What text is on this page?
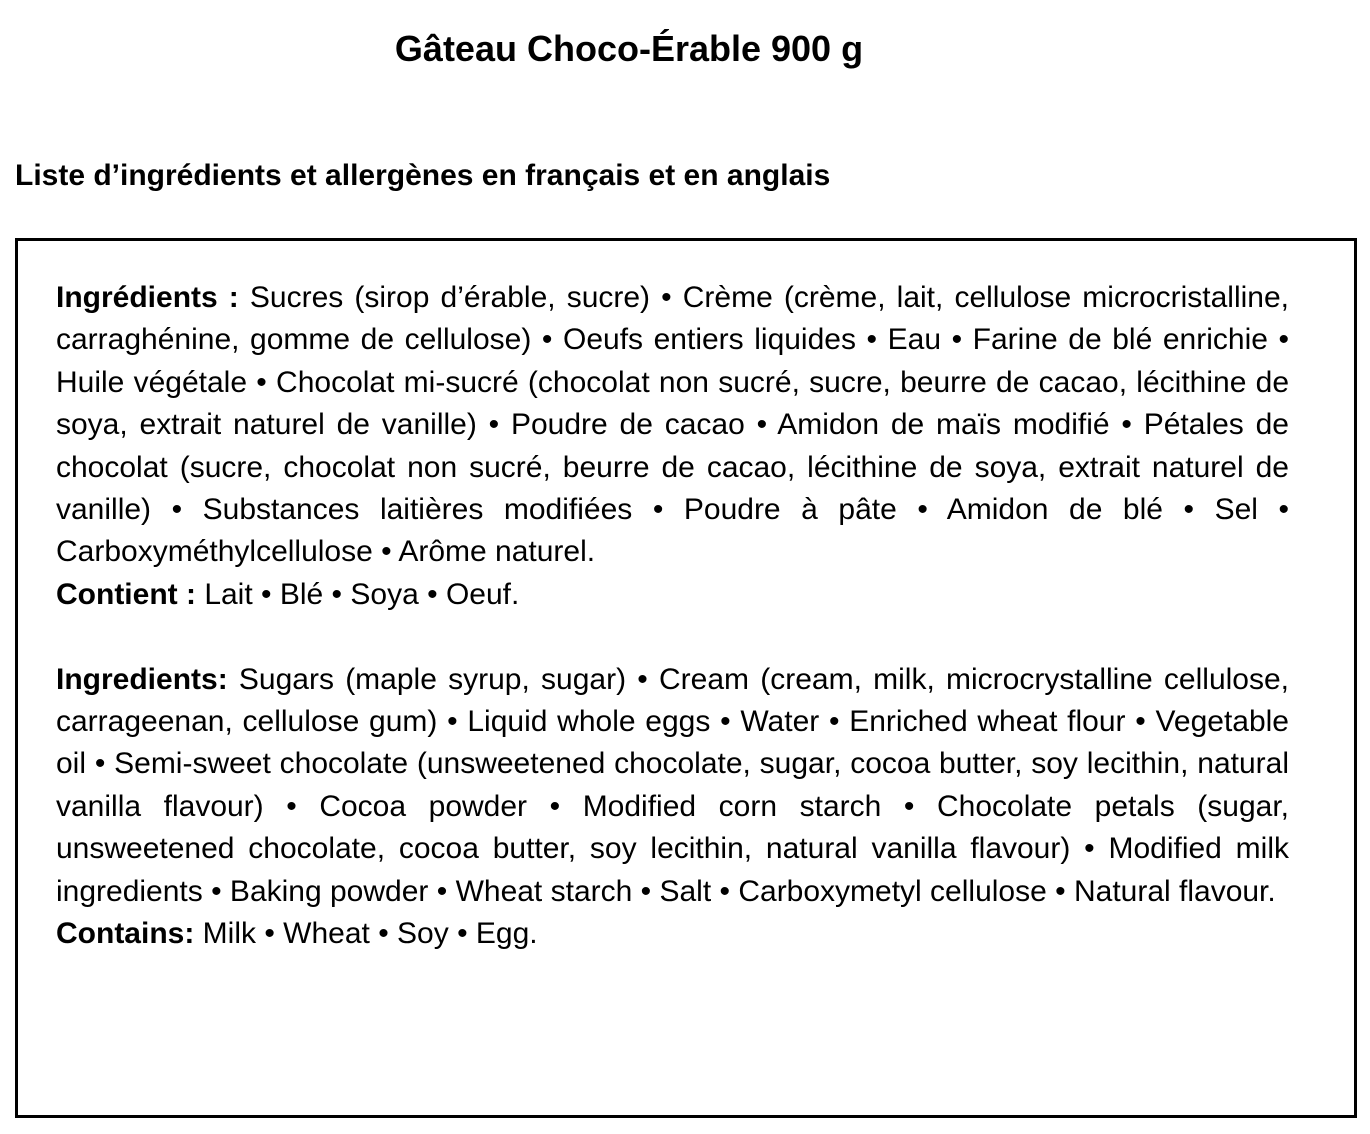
Gâteau Choco-Érable 900 g
Liste d’ingrédients et allergènes en français et en anglais

Ingrédients : Sucres (sirop d’érable, sucre) • Crème (crème, lait, cellulose microcristalline, carraghénine, gomme de cellulose) • Oeufs entiers liquides • Eau • Farine de blé enrichie • Huile végétale • Chocolat mi-sucré (chocolat non sucré, sucre, beurre de cacao, lécithine de soya, extrait naturel de vanille) • Poudre de cacao • Amidon de maïs modifié • Pétales de chocolat (sucre, chocolat non sucré, beurre de cacao, lécithine de soya, extrait naturel de vanille) • Substances laitières modifiées • Poudre à pâte • Amidon de blé • Sel • Carboxyméthylcellulose • Arôme naturel.

Contient : Lait • Blé • Soya • Oeuf.

Ingredients: Sugars (maple syrup, sugar) • Cream (cream, milk, microcrystalline cellulose, carrageenan, cellulose gum) • Liquid whole eggs • Water • Enriched wheat flour • Vegetable oil • Semi-sweet chocolate (unsweetened chocolate, sugar, cocoa butter, soy lecithin, natural vanilla flavour) • Cocoa powder • Modified corn starch • Chocolate petals (sugar, unsweetened chocolate, cocoa butter, soy lecithin, natural vanilla flavour) • Modified milk ingredients • Baking powder • Wheat starch • Salt • Carboxymetyl cellulose • Natural flavour.

Contains: Milk • Wheat • Soy • Egg.
